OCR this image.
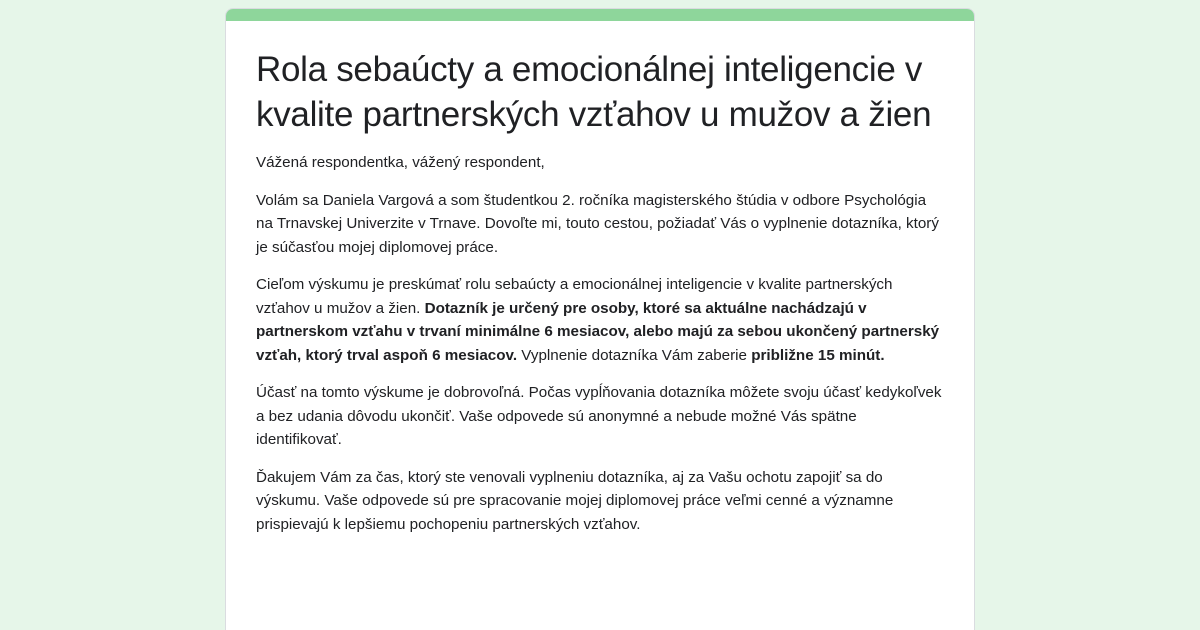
Rola sebaúcty a emocionálnej inteligencie v kvalite partnerských vzťahov u mužov a žien

Vážená respondentka, vážený respondent,

Volám sa Daniela Vargová a som študentkou 2. ročníka magisterského štúdia v odbore Psychológia na Trnavskej Univerzite v Trnave. Dovoľte mi, touto cestou, požiadať Vás o vyplnenie dotazníka, ktorý je súčasťou mojej diplomovej práce.

Cieľom výskumu je preskúmať rolu sebaúcty a emocionálnej inteligencie v kvalite partnerských vzťahov u mužov a žien. Dotazník je určený pre osoby, ktoré sa aktuálne nachádzajú v partnerskom vzťahu v trvaní minimálne 6 mesiacov, alebo majú za sebou ukončený partnerský vzťah, ktorý trval aspoň 6 mesiacov. Vyplnenie dotazníka Vám zaberie približne 15 minút.

Účasť na tomto výskume je dobrovoľná. Počas vypĺňovania dotazníka môžete svoju účasť kedykoľvek a bez udania dôvodu ukončiť. Vaše odpovede sú anonymné a nebude možné Vás spätne identifikovať.

Ďakujem Vám za čas, ktorý ste venovali vyplneniu dotazníka, aj za Vašu ochotu zapojiť sa do výskumu. Vaše odpovede sú pre spracovanie mojej diplomovej práce veľmi cenné a významne prispievajú k lepšiemu pochopeniu partnerských vzťahov.
